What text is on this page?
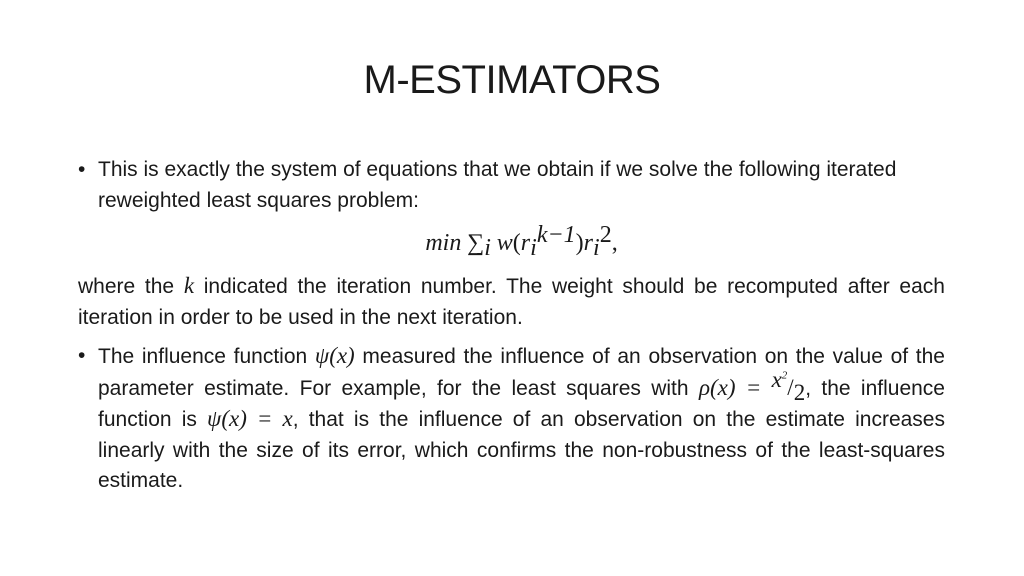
M-ESTIMATORS
• This is exactly the system of equations that we obtain if we solve the following iterated reweighted least squares problem:
$\min \sum_i$ $w(r_i^{k-1})r_i^2$,
where the k indicated the iteration number. The weight should be recomputed after each iteration in order to be used in the next iteration.
• The influence function ψ(x) measured the influence of an observation on the value of the parameter estimate. For example, for the least squares with $\rho(x) = ^{x^2}/_2$, the influence function is ψ(x) = x, that is the influence of an observation on the estimate increases linearly with the size of its error, which confirms the non-robustness of the least-squares estimate.
